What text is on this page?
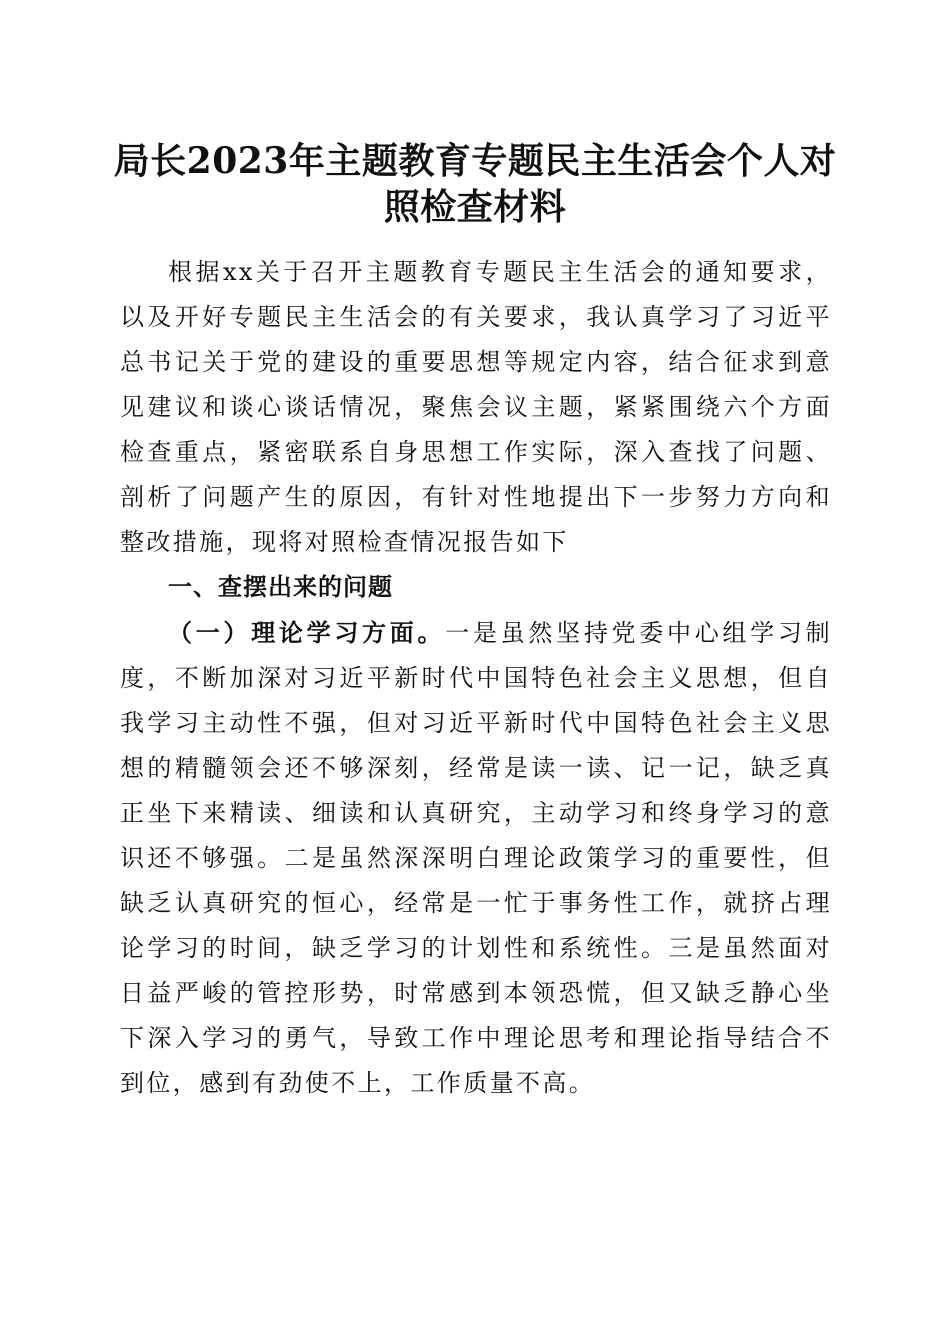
局长2023年主题教育专题民主生活会个人对照检查材料

根据xx关于召开主题教育专题民主生活会的通知要求，以及开好专题民主生活会的有关要求，我认真学习了习近平总书记关于党的建设的重要思想等规定内容，结合征求到意见建议和谈心谈话情况，聚焦会议主题，紧紧围绕六个方面检查重点，紧密联系自身思想工作实际，深入查找了问题、剖析了问题产生的原因，有针对性地提出下一步努力方向和整改措施，现将对照检查情况报告如下

一、查摆出来的问题

（一）理论学习方面。一是虽然坚持党委中心组学习制度，不断加深对习近平新时代中国特色社会主义思想，但自我学习主动性不强，但对习近平新时代中国特色社会主义思想的精髓领会还不够深刻，经常是读一读、记一记，缺乏真正坐下来精读、细读和认真研究，主动学习和终身学习的意识还不够强。二是虽然深深明白理论政策学习的重要性，但缺乏认真研究的恒心，经常是一忙于事务性工作，就挤占理论学习的时间，缺乏学习的计划性和系统性。三是虽然面对日益严峻的管控形势，时常感到本领恐慌，但又缺乏静心坐下深入学习的勇气，导致工作中理论思考和理论指导结合不到位，感到有劲使不上，工作质量不高。
